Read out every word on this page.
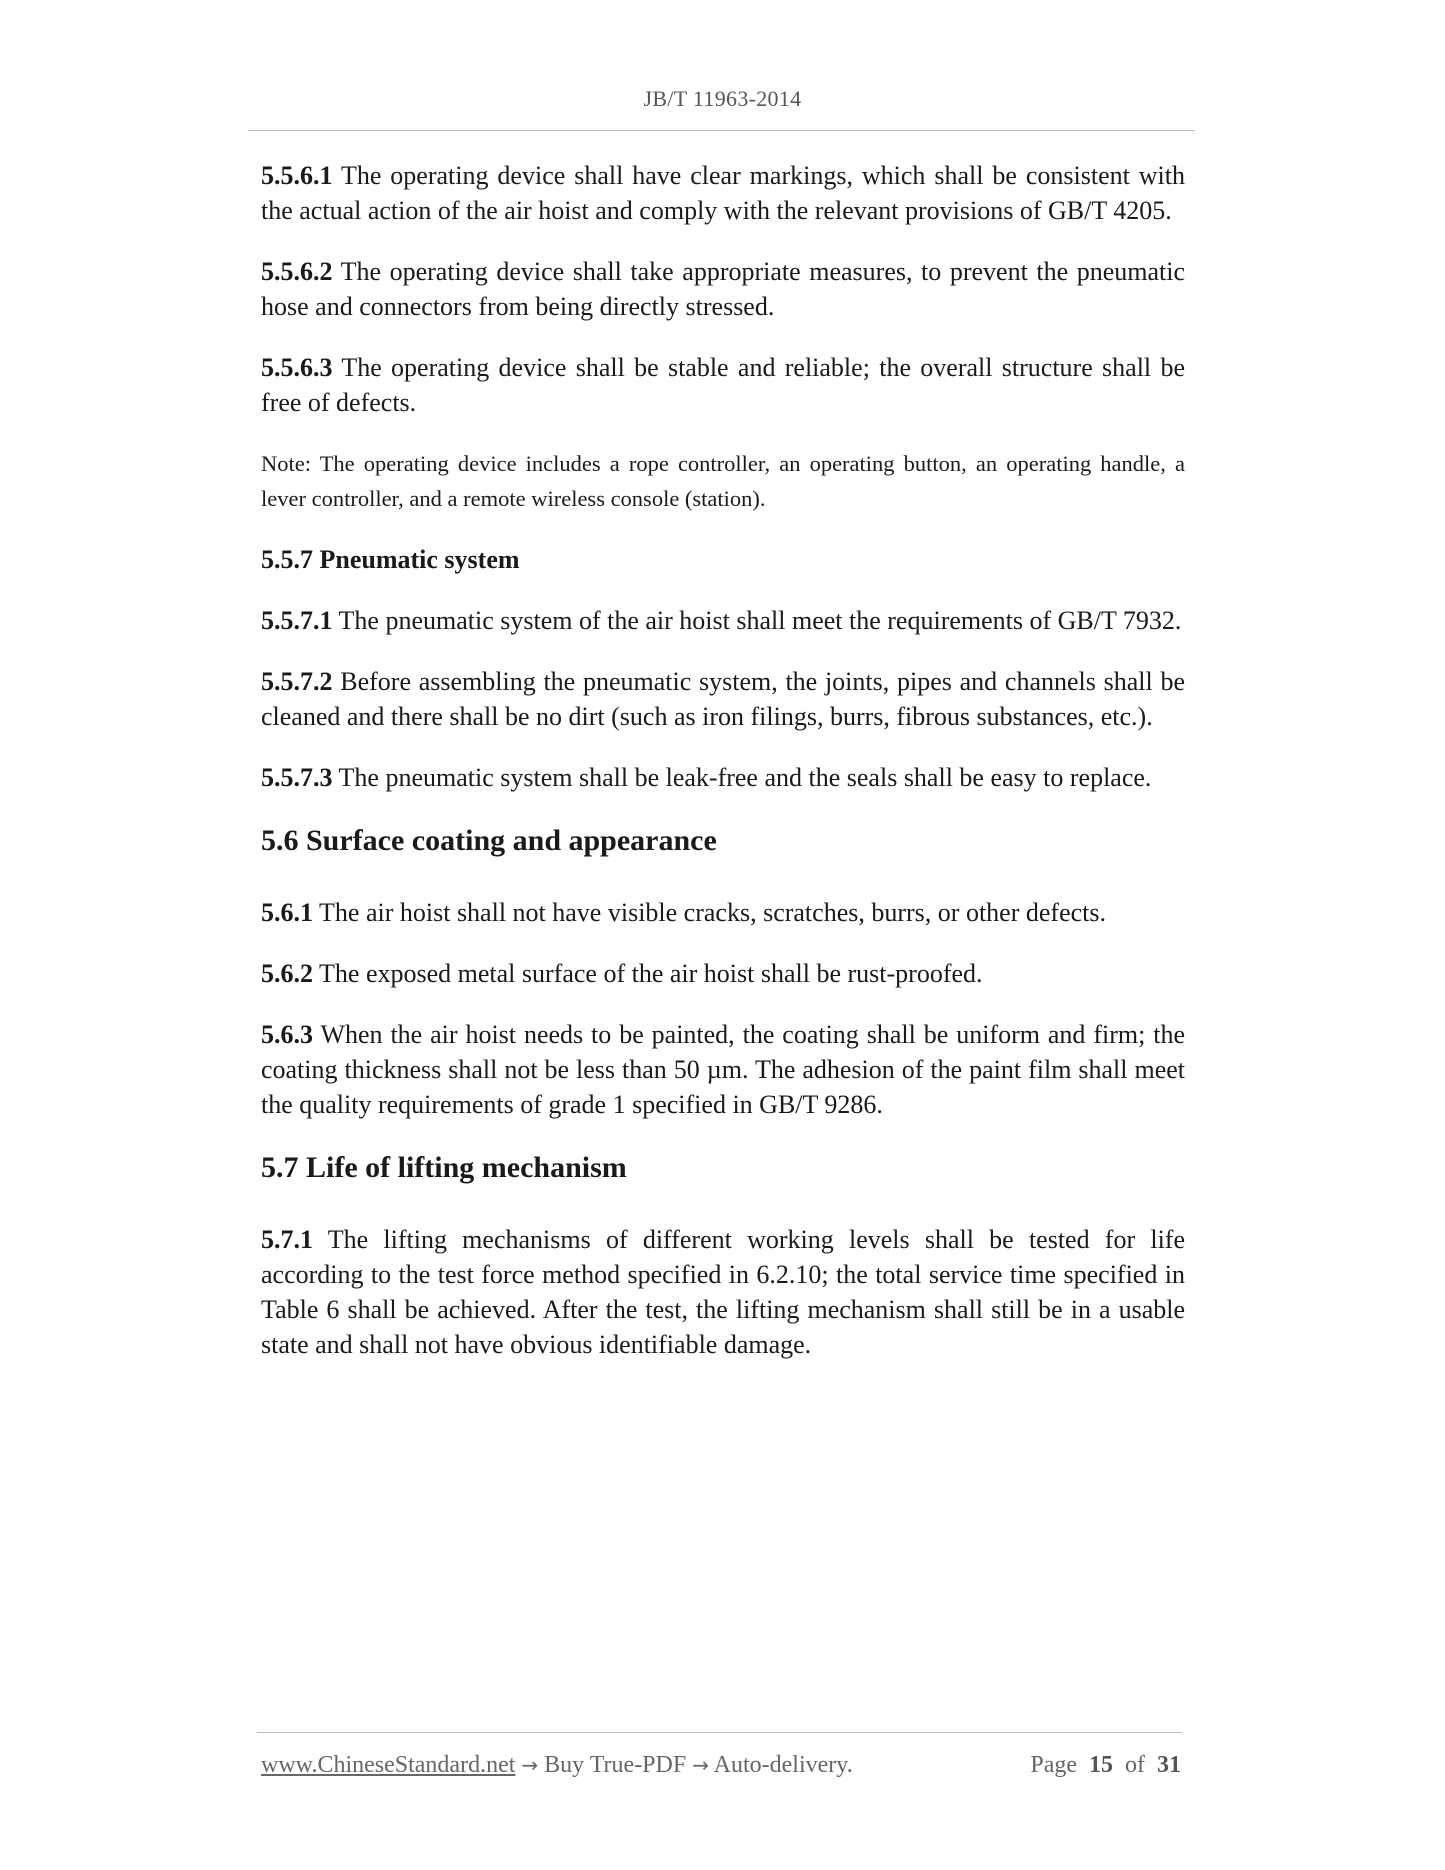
JB/T 11963-2014

5.5.6.1 The operating device shall have clear markings, which shall be consistent with the actual action of the air hoist and comply with the relevant provisions of GB/T 4205.

5.5.6.2 The operating device shall take appropriate measures, to prevent the pneumatic hose and connectors from being directly stressed.

5.5.6.3 The operating device shall be stable and reliable; the overall structure shall be free of defects.

Note: The operating device includes a rope controller, an operating button, an operating handle, a lever controller, and a remote wireless console (station).

5.5.7 Pneumatic system

5.5.7.1 The pneumatic system of the air hoist shall meet the requirements of GB/T 7932.

5.5.7.2 Before assembling the pneumatic system, the joints, pipes and channels shall be cleaned and there shall be no dirt (such as iron filings, burrs, fibrous substances, etc.).

5.5.7.3 The pneumatic system shall be leak-free and the seals shall be easy to replace.

5.6 Surface coating and appearance

5.6.1 The air hoist shall not have visible cracks, scratches, burrs, or other defects.

5.6.2 The exposed metal surface of the air hoist shall be rust-proofed.

5.6.3 When the air hoist needs to be painted, the coating shall be uniform and firm; the coating thickness shall not be less than 50 µm. The adhesion of the paint film shall meet the quality requirements of grade 1 specified in GB/T 9286.

5.7 Life of lifting mechanism

5.7.1 The lifting mechanisms of different working levels shall be tested for life according to the test force method specified in 6.2.10; the total service time specified in Table 6 shall be achieved. After the test, the lifting mechanism shall still be in a usable state and shall not have obvious identifiable damage.

www.ChineseStandard.net → Buy True-PDF → Auto-delivery.	Page 15 of 31
